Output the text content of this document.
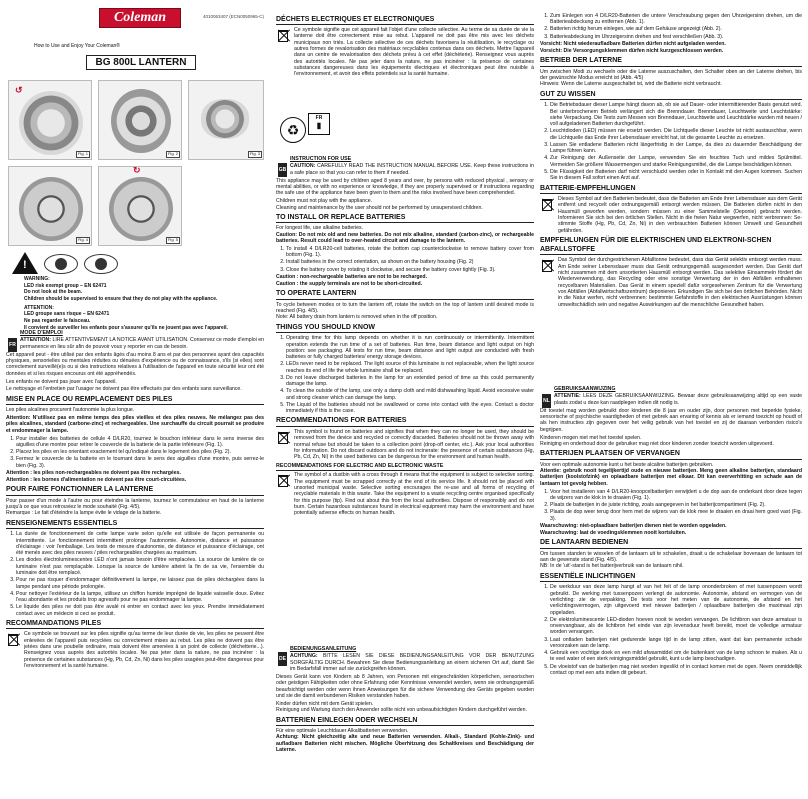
Coleman	4010063407 (ECN0050965-C)
How to Use and Enjoy Your Coleman®
BG 800L LANTERN
↺
Fig. 1	Fig. 2	Fig. 3
Fig. 4
↻
Fig. 5
!

WARNING:

LED risk exempt group – EN 62471

Do not look at the beam.

Children should be supervised to ensure that they do not play with the appliance.

ATTENTION:

LED groupe sans risque – EN 62471

Ne pas regarder le faisceau.

Il convient de surveiller les enfants pour s'assurer qu'ils ne jouent pas avec l'appareil.

FR
MODE D'EMPLOI

ATTENTION: LIRE ATTENTIVEMENT LA NOTICE AVANT UTILISATION. Conservez ce mode d'emploi en permanence en lieu sûr afin de pouvoir vous y reporter en cas de besoin.

Cet appareil peut - être utilisé par des enfants âgés d'au moins 8 ans et par des personnes ayant des capacités physiques, sensorielles ou mentales réduites ou dénuées d'expérience ou de connaissance, s'ils (si elles) sont correctement surveillé(e)s ou si des instructions relatives à l'utilisation de l'appareil en toute sécurité leur ont été données et si les risques encourus ont été appréhendés.

Les enfants ne doivent pas jouer avec l'appareil.

Le nettoyage et l'entretien par l'usager ne doivent pas être effectués par des enfants sans surveillance.

MISE EN PLACE OU REMPLACEMENT DES PILES

Les piles alcalines procurent l'autonomie la plus longue.

Attention: N'utilisez pas en même temps des piles vieilles et des piles neuves. Ne mélangez pas des piles alcalines, standard (carbone-zinc) et rechargeables. Une surchauffe du circuit pourrait se produire et endommager la lampe.

1. Pour installer des batteries de cellule 4 D/LR20, tournez le bouchon inférieur dans le sens inverse des aiguilles d'une montre pour retirer le couvercle de la batterie de la partie inférieure (Fig. 1).
2. Placez les piles en les orientant exactement tel qu'indiqué dans le logement des piles (Fig. 2).
3. Fermez le couvercle de la batterie en le tournant dans le sens des aiguilles d'une montre, puis serrez-le bien (Fig. 3).

Attention : les piles non-rechargeables ne doivent pas être rechargées.

Attention : les bornes d'alimentation ne doivent pas être court-circuitées.

POUR FAIRE FONCTIONNER LA LANTERNE

Pour passer d'un mode à l'autre ou pour éteindre la lanterne, tournez le commutateur en haut de la lanterne jusqu'à ce que vous retrouviez le mode souhaité (Fig. 4/5).

Remarque : Le fait d'éteindre la lampe évite le vidage de la batterie.

RENSEIGNEMENTS ESSENTIELS
1. La durée de fonctionnement de cette lampe varie selon qu'elle est utilisée de façon permanente ou intermittente. Le fonctionnement intermittent prolonge l'autonomie. Autonomie, distance et puissance d'éclairage : voir l'emballage. Les tests de mesure d'autonomie, de distance et puissance d'éclairage, ont été menés avec des piles neuves / piles rechargeables chargées au maximum.
2. Les diodes électroluminescentes LED n'ont jamais besoin d'être remplacées. La source de lumière de ce luminaire n'est pas remplaçable. Lorsque la source de lumière atteint la fin de sa vie, l'ensemble du luminaire doit être remplacé.
3. Pour ne pas risquer d'endommager définitivement la lampe, ne laissez pas de piles déchargées dans la lampe pendant une période prolongée.
4. Pour nettoyer l'extérieur de la lampe, utilisez un chiffon humide imprégné de liquide vaisselle doux. Évitez l'eau abondante et les produits trop agressifs pour ne pas endommager la lampe.
5. Le liquide des piles ne doit pas être avalé ni entrer en contact avec les yeux. Prendre immédiatement contact avec un médecin si ceci se produit.
RECOMMANDATIONS PILES

Ce symbole se trouvant sur les piles signifie qu'au terme de leur durée de vie, les piles ne peuvent être enlevées de l'appareil puis recyclées ou correctement mises au rebut. Les piles ne doivent pas être jetées dans une poubelle ordinaire, mais doivent être amenées à un point de collecte (déchetterie...). Renseignez vous auprès des autorités locales. Ne pas jeter dans la nature, ne pas incinérer : la présence de certaines substances (Hg, Pb, Cd, Zn, Ni) dans les piles usagées peut-être dangereux pour l'environnement et la santé humaine.

DÉCHETS ELECTRIQUES ET ELECTRONIQUES

Ce symbole signifie que cet appareil fait l'objet d'une collecte sélective. Au terme de sa durée de vie la lanterne doit être correctement mise au rebut. L'appareil ne doit pas être mis avec les déchets municipaux non triés. La collecte sélective de ces déchets favorisera la réutilisation, le recyclage ou autres formes de revalorisation des matériaux recyclables contenus dans ces déchets. Mettre l'appareil dans un centre de revalorisation des déchets prévu à cet effet (déchèterie). Renseignez vous auprès des autorités locales. Ne pas jeter dans la nature, ne pas incinérer : la présence de certaines substances dangereuses dans les équipements électriques et électroniques peut être nuisible à l'environnement, et avoir des effets potentiels sur la santé humaine.

♻
FR
▮
GB
INSTRUCTION FOR USE

CAUTION: CAREFULLY READ THE INSTRUCTION MANUAL BEFORE USE. Keep these instructions in a safe place so that you can refer to them if needed.

This appliance may be used by children aged 8 years and over, by persons with reduced physical , sensory or mental abilities, or with no experience or knowledge, if they are properly supervised or if instructions regarding the safe use of the appliance have been given to them and the risks involved have been comprehended.

Children must not play with the appliance.

Cleaning and maintenance by the user should not be performed by unsupervised children.

TO INSTALL OR REPLACE BATTERIES

For longest life, use alkaline batteries.

Caution: Do not mix old and new batteries. Do not mix alkaline, standard (carbon-zinc), or rechargeable batteries. Result could lead to over-heated circuit and damage to the lantern.

1. To install 4 D/LR20-cell batteries, rotate the bottom cap counterclockwise to remove battery cover from bottom (Fig. 1).
2. Install batteries in the correct orientation, as shown on the battery housing (Fig. 2)
3. Close the battery cover by rotating it clockwise, and secure the battery cover tightly (Fig. 3).

Caution : non-rechargeable batteries are not to be recharged.

Caution : the supply terminals are not to be short-circuited.

TO OPERATE LANTERN

To cycle between modes or to turn the lantern off, rotate the switch on the top of lantern until desired mode is reached (Fig. 4/5).

Note: All battery drain from lantern is removed when in the off position.

THINGS YOU SHOULD KNOW
1. Operating time for this lamp depends on whether it is run continuously or intermittently. Intermittent operation extends the run time of a set of batteries. Run time, beam distance and light output on high position: see packaging. All tests for run time, beam distance and light output are conducted with fresh batteries or fully charged batteries/ energy storage devices.
2. LEDs never need to be replaced. The light source of this luminaire is not replaceable, when the light source reaches its end of life the whole luminaire shall be replaced.
3. Do not leave discharged batteries in the lamp for an extended period of time as this could permanently damage the lamp.
4. To clean the outside of the lamp, use only a damp cloth and mild dishwashing liquid. Avoid excessive water and strong cleaner which can damage the lamp.
5. The Liquid of the batteries should not be swallowed or come into contact with the eyes. Contact a doctor immediately if this is the case.
RECOMMENDATIONS FOR BATTERIES

This symbol is found on batteries and signifies that when they can no longer be used, they should be removed from the device and recycled or correctly discarded. Batteries should not be thrown away with normal refuse but should be taken to a collection point (drop-off center, etc.). Ask your local authorities for information. Do not discard outdoors and do not incinerate: the presence of certain substances (Hg, Pb, Cd, Zn, Ni) in the used batteries can be dangerous for the environment and human health.

RECOMMENDATIONS FOR ELECTRIC AND ELECTRONIC WASTE

The symbol of a dustbin with a cross through it means that the equipment is subject to selective sorting. The equipment must be scrapped correctly at the end of its service life. It should not be placed with unsorted municipal waste. Selective sorting encourages the re-use and all forms of recycling of recyclable materials in this waste. Take the equipment to a waste recycling centre organised specifically for this purpose (tip). Find out about this from the local authorities. Dispose of responsibly and do not burn. Certain hazardous substances found in electrical equipment may harm the environment and have potentially adverse effects on human health.

DE
BEDIENUNGSANLEITUNG

ACHTUNG: BITTE LESEN SIE DIESE BEDIENUNGSANLEITUNG VOR DER BENUTZUNG SORGFÄLTIG DURCH. Bewahren Sie diese Bedienungsanleitung an einem sicheren Ort auf, damit Sie im Bedarfsfall immer auf sie zurückgreifen können.

Dieses Gerät kann von Kindern ab 8 Jahren, von Personen mit eingeschränkten körperlichen, sensorischen oder geistigen Fähigkeiten oder ohne Erfahrung oder Kenntnisse verwendet werden, wenn sie ordnungsgemäß beaufsichtigt werden oder wenn ihnen Anweisungen für die sichere Verwendung des Geräts gegeben wurden und sie die damit verbundenen Risiken verstanden haben.

Kinder dürfen nicht mit dem Gerät spielen.

Reinigung und Wartung durch den Anwender sollte nicht von unbeaufsichtigten Kindern durchgeführt werden.

BATTERIEN EINLEGEN ODER WECHSELN

Für eine optimale Leuchtdauer Alkalibatterien verwenden.

Achtung: Nicht gleichzeitig alte und neue Batterien verwenden. Alkali-, Standard (Kohle-Zink)- und aufladbare Batterien nicht mischen. Mögliche Überhitzung des Schaltkreises und Beschädigung der Laterne.

1. Zum Einlegen von 4 D/LR20-Batterien die untere Verschraubung gegen den Uhrzeigersinn drehen, um die Batterieabdeckung zu entfernen (Abb. 1).
2. Batterien richtig herum einlegen, wie auf dem Gehäuse angezeigt (Abb. 2).
3. Batterieabdeckung im Uhrzeigersinn drehen und fest verschließen (Abb. 3).

Vorsicht: Nicht wiederaufladbare Batterien dürfen nicht aufgeladen werden.

Vorsicht: Die Versorgungsklemmen dürfen nicht kurzgeschlossen werden.

BETRIEB DER LATERNE

Um zwischen Modi zu wechseln oder die Laterne auszuschalten, den Schalter oben an der Laterne drehen, bis der gewünschte Modus erreicht ist (Abb. 4/5)

Hinweis: Wenn die Laterne ausgeschaltet ist, wird die Batterie nicht verbraucht.

GUT ZU WISSEN
1. Die Betriebsdauer dieser Lampe hängt davon ab, ob sie auf Dauer- oder intermittierender Basis genutzt wird. Bei unterbrochenem Betrieb verlängert sich die Brenndauer. Brenndauer, Leuchtweite und Leuchtstärke: siehe Verpackung. Die Tests zum Messen von Brenndauer, Leuchtweite und Leuchtstärke wurden mit neuen / voll aufgeladenen Batterien durchgeführt.
2. Leuchtdioden (LED) müssen nie ersetzt werden. Die Lichtquelle dieser Leuchte ist nicht austauschbar, wenn die Lichtquelle das Ende ihrer Lebensdauer erreicht hat, ist die gesamte Leuchte zu ersetzen.
3. Lassen Sie entladene Batterien nicht längerfristig in der Lampe, da dies zu dauernder Beschädigung der Lampe führen kann.
4. Zur Reinigung der Außenseite der Lampe, verwenden Sie ein feuchtes Tuch und mildes Spülmittel. Vermeiden Sie größere Wassermengen und starke Reinigungsmittel, die die Lampe beschädigen können.
5. Die Flüssigkeit der Batterien darf nicht verschluckt werden oder in Kontakt mit den Augen kommen. Suchen Sie in diesem Fall sofort einen Arzt auf.
BATTERIE-EMPFEHLUNGEN

Dieses Symbol auf den Batterien bedeutet, dass die Batterien am Ende ihrer Lebensdauer aus dem Gerät entfernt und recycelt oder ordnungsgemäß entsorgt werden müssen. Die Batterien dürfen nicht in den Hausmüll geworfen werden, sondern müssen zu einer Sammelstelle (Deponie) gebracht werden. Informieren Sie sich bei den örtlichen Stellen. Nicht in die freien Natur wegwerfen, nicht verbrennen: Se- stimmte Stoffe (Hg, Pb, Cd, Zn, Ni) in den verbrauchten Batterien können Umwelt und Gesundheit gefährden.

EMPFEHLUNGEN FÜR DIE ELEKTRISCHEN UND ELEKTRONI-SCHEN ABFALLSTOFFE

Das Symbol der durchgestrichenen Abfalltonne bedeutet, dass das Gerät selektiv entsorgt werden muss. Am Ende seiner Lebensdauer muss das Gerät ordnungsgemäß ausgesondert werden. Das Gerät darf nicht zusammen mit dem unsortierten Hausmüll entsorgt werden. Das selektive Einsammeln fördert die Wiederverwendung, das Recycling oder eine sonstige Verwertung der in den Abfällen enthaltenen recycelbaren Materialien. Das Gerät in einem speziell dafür vorgesehenen Zentrum für die Verwertung von Abfällen (Abfallwirtschaftszentrum) deponieren. Erkundigen Sie sich bei den örtlichen Behörden. Nicht in die Natur werfen, nicht verbrennen: bestimmte Gefahrstoffe in den elektrischen Ausrüstungen können umweltschädlich sein und negative Auswirkungen auf die menschliche Gesundheit haben.

NL
GEBRUIKSAANWIJZING

ATTENTIE: LEES DEZE GEBRUIKSAANWIJZING. Bewaar deze gebruiksaanwijzing altijd op een vaste plaats zodat u deze kan raadplegen indien dit nodig is.

Dit toestel mag worden gebruikt door kinderen die 8 jaar en ouder zijn, door personen met beperkte fysieke, sensorische of psychische vaardigheden of met gebrek aan ervaring of kennis als er iemand toezicht op houdt of als hen instructies zijn gegeven over het veilig gebruik van het toestel en zij de daaraan verbonden risico's begrijpen.

Kinderen mogen niet met het toestel spelen.

Reiniging en onderhoud door de gebruiker mag niet door kinderen zonder toezicht worden uitgevoerd.

BATTERIJEN PLAATSEN OF VERVANGEN

Voor een optimale autonomie kunt u het beste alcaline batterijen gebruiken.

Attentie: gebruik nooit tegelijkertijd oude en nieuwe batterijen. Meng geen alkaline batterijen, standaard batterijen (koolstofzink) en oplaadbare batterijen met elkaar. Dit kan oververhitting en schade aan de lantaarn tot gevolg hebben.

1. Voor het installeren van 4 D/LR20-knoopcelbatterijen verwijdert u de dop aan de onderkant door deze tegen de wijzers van de klok in te draaien (Fig. 1).
2. Plaats de batterijen in de juiste richting, zoals aangegeven in het batterijcompartiment (Fig. 2).
3. Plaats de dop weer terug door hem met de wijzers van de klok mee te draaien en draai hem goed vast (Fig. 3).

Waarschuwing: niet-oplaadbare batterijen dienen niet te worden opgeladen.

Waarschuwing: laat de voedingsklemmen nooit kortsluiten.

DE LANTAARN BEDIENEN

Om tussen standen te wisselen of de lantaarn uit te schakelen, draait u de schakelaar bovenaan de lantaarn tot aan de gewenste stand (Fig. 4/5).

NB: In de 'uit'-stand is het batterijverbruik van de lantaarn nihil.

ESSENTIËLE INLICHTINGEN
1. De werkduur van deze lamp hangt af van het feit of de lamp ononderbroken of met tussenpozen wordt gebruikt. De werking met tussenpozen verlengt de autonomie. Autonomie, afstand en vermogen van de verlichting: zie de verpakking. De tests voor het meten van de autonomie, de afstand en het verlichtingsvermogen, zijn uitgevoerd met nieuwe batterijen / oplaadbare batterijen die maximaal zijn opgeladen.
2. De elektroluminescente LED-dioden hoeven nooit te worden vervangen. De lichtbron van deze armatuur is onvervangbaar, als de lichtbron het einde van zijn levensduur heeft bereikt, moet de volledige armatuur worden vervangen.
3. Laat ontladen batterijen niet gedurende lange tijd in de lamp zitten, want dat kan permanente schade veroorzaken aan de lamp.
4. Gebruik een vochtige doek en een mild afwasmiddel om de buitenkant van de lamp schoon te maken. Als u te veel water of een sterk reinigingsmiddel gebruikt, kunt u de lamp beschadigen.
5. De vloeistof van de batterijen mag niet worden ingeslikt of in contact komen met de ogen. Neem onmiddellijk contact op met een arts indien dit gebeurt.
